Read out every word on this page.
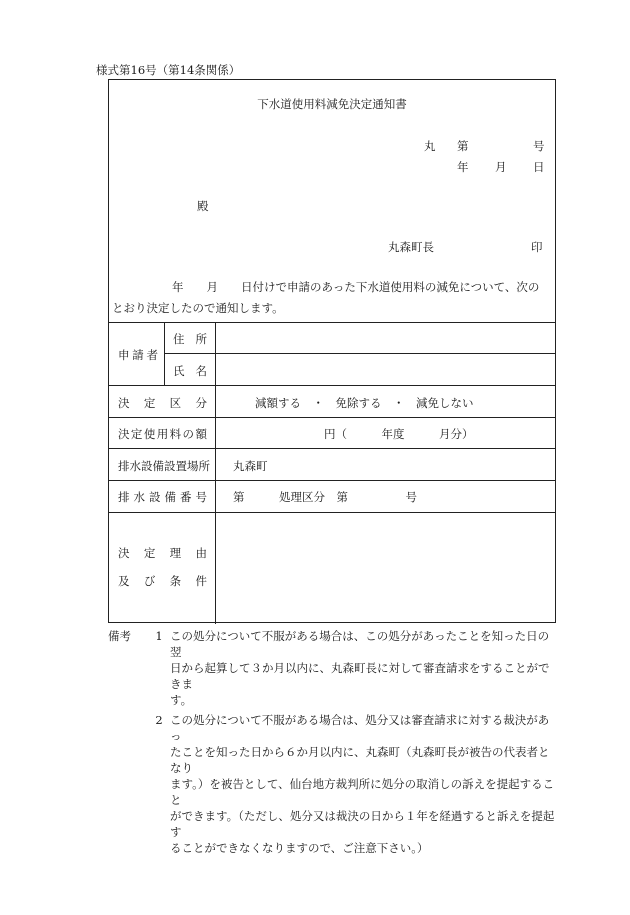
様式第16号（第14条関係）
下水道使用料減免決定通知書
丸 第	号
年 月 日
殿
丸森町長	印
年　　月　　日付けで申請のあった下水道使用料の減免について、次の
とおり決定したので通知します。
申 請 者
住 所
氏 名
決 定 区 分	減額する　・　免除する　・　減免しない
決 定 使 用 料 の 額	円（　　　年度　　　月分）
排 水 設 備 設 置 場 所 丸森町
排 水 設 備 番 号 第　　　処理区分　第　　　　　号
決 定 理 由
及 び 条 件
備考	1 この処分について不服がある場合は、この処分があったことを知った日の翌
日から起算して３か月以内に、丸森町長に対して審査請求をすることができま
す。
2 この処分について不服がある場合は、処分又は審査請求に対する裁決があっ
たことを知った日から６か月以内に、丸森町（丸森町長が被告の代表者となり
ます。）を被告として、仙台地方裁判所に処分の取消しの訴えを提起すること
ができます。（ただし、処分又は裁決の日から１年を経過すると訴えを提起す
ることができなくなりますので、ご注意下さい。）
